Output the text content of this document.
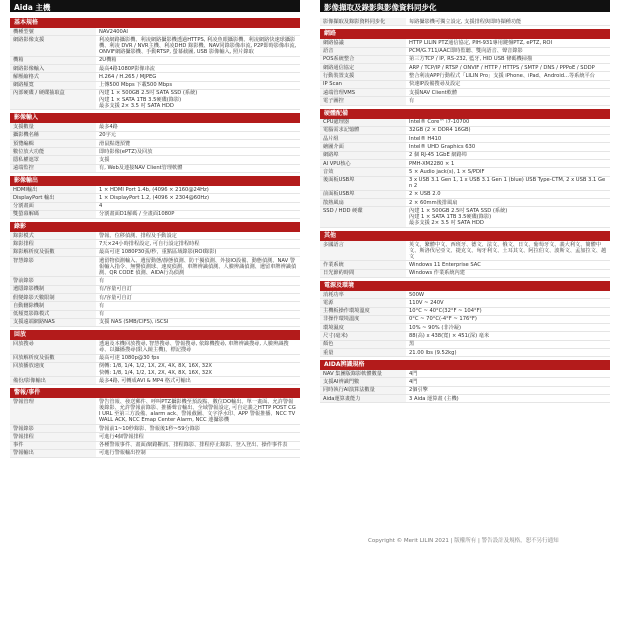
Aida 主機
基本規格
機種型號	NAV2400AI
網路影像支援	利凌網路攝影機、利凌網路攝影機透過HTTPS, 利凌魚眼攝影機、利凌網路快速球攝影機、利凌 DVR / NVR主機、利凌DHD 錄影機、NAV同錄影像串流, P2P即時影像串流,ONVIF網路攝影機、手動RTSP, 螢幕截圖, USB 影像輸入, 照片錄取
機箱	2U機箱
網路影像輸入	最高4路1080P影像串流
解壓縮格式	H.264 / H.265 / MJPEG
網路頻寬	上傳500 Mbps 下載500 Mbps
內部硬碟 / 硬碟抽取盒	內建 1 × 500GB 2.5吋 SATA SSD (系統)
內建 1 × SATA 1TB 3.5硬碟(錄影)
最多支援 2× 3.5 吋 SATA HDD
影像輸入
支援數量	最多4路
攝影機名稱	20字元
預覽編輯	滑鼠點選預覽
數位放大功能	即時影像(ePTZ)及回放
隱私權遮罩	支援
遠端監控	有, Web及連接NAV Client管理軟體
影像輸出
HDMI輸出	1 × HDMI Port 1.4b, (4096 × 2160@24Hz)
DisplayPort 輸出	1 × DisplayPort 1.2, (4096 × 2304@60Hz)
分割畫面	4
雙螢幕解碼	分割畫面D1解碼 / 全畫面1080P
錄影
錄影模式	警報、位移偵測、排程及手動設定
錄影排程	7天×24小時排程設定, 可自行設定排程時程
錄影解析度及張數	最高可達 1080P30張/秒，重點區域錄影(ROI錄影)
智慧錄影	遺留物偵測輸入、遺留動態/靜態偵測、防干擾偵測、外接IO設備、動態偵測、NAV 警報輸入指令、無響偵測球、速度偵測、車牌辨識偵測、人臉辨識偵測、遺留車牌辨識偵測、QR CODE 偵測、AIDA行為偵測
警前錄影	有
遺隱錄影機制	有/容量可自訂
假變錄影天數限制	有/容量可自訂
自動刪除機制	有
低頻寬影錄模式	有
支援遠端網路NAS	支援 NAS (SMB/CIFS), iSCSI
回放
回放搜尋	透過及本機回放搜尋, 智慧搜尋、警報搜尋, 依錄機搜尋, 車牌辨識搜尋, 人臉辨識搜尋、以攝播搜尋(限入鏡主機)，標記搜尋
回放解析度及張數	最高可達 1080p@30 fps
回放播放速度	倒轉: 1/8, 1/4, 1/2, 1X, 2X, 4X, 8X, 16X, 32X
快轉: 1/8, 1/4, 1/2, 1X, 2X, 4X, 8X, 16X, 32X
備份/影像輸出	最多4路, 可轉成AVI & MP4 格式可輸出
警報/事件
警報管理	警告管報、發送郵件、呼叫PTZ攝影機至預設點、數位DO輸出、單一畫面、允許警報後錄影、允許警報前錄影、推播聲音輸出、全域警報設定, 可自定義之HTTP POST CGI URL 至第三方設備、alarm ack、警報截圖、文字浮水印、APP 警報推播、NCC TVWALL ACK, NCC Emap Center Alarm, NCC 連攝影機
警報錄影	警報前1~10秒錄影、警報後1秒~59分錄影
警報排程	可進行4個警報排程
事件	各種警報事件、畫面/網路斷訊、排程錄影、排程停止錄影、登入登出、操作事件表
警報輸出	可進行警報輸出控制
影像擷取及錄影與影像資料同步化
影像擷取及錄影資料同步化	每路攝影機可獨立設定, 支援排程與即時擷種功能
網路
網路協議	HTTP LILIN PTZ通信協定, PIH-931專用鍵盤PTZ, ePTZ, ROI
語音	PCM/G.711/AAC即時監聽、雙向語音、聲音錄影
POS系統整合	第三方TCP / IP, RS-232, 藍牙, HID USB 條碼機掃描
網路通信協定	ARP / TCP/IP / RTSP / ONVIF / HTTP / HTTPS / SMTP / DNS / PPPoE / SDDP
行動裝置支援	整合利凌APP行動程式「LILIN Pro」支援 iPhone、iPad、Android...等系統平台
IP Scan	快速IP設備搜尋及設定
遠端管理VMS	支援NAV Client軟體
電子圖控	有
硬體配備
CPU處理器	Intel® Core™ i7-10700
電腦需求記憶體	32GB (2 × DDR4 16GB)
晶片組	Intel® H410
繪圖介面	Intel® UHD Graphics 630
網路埠	2 個 RJ-45 1GbE 網路埠
AI VPU核心	PMH-XM2280 × 1
音效	5 × Audio jack(s), 1 × S/PDIF
後面板USB埠	3 x USB 3.1 Gen 1, 1 x USB 3.1 Gen 1 (blue) USB Type-CTM, 2 x USB 3.1 Gen 2
前面板USB埠	2 × USB 2.0
散熱風扇	2 × 60mm後排風扇
SSD / HDD 硬碟	內建 1 × 500GB 2.5吋 SATA SSD (系統)
內建 1 × SATA 1TB 3.5硬碟(錄影)
最多支援 2× 3.5 吋 SATA HDD
其他
多國語言	英文、繁體中文、西班牙、德文、法文、俄文、日文、葡萄牙文、義大利文、簡體中文、斯洛伐尼亞文、捷克文、匈牙利文、土耳其文、阿拉伯文、波斯文、孟加拉文、越文
作業系統	Windows 11 Enterprise SAC
日光節約時間	Windows 作業系統內建
電源及環境
消耗功率	500W
電源	110V ~ 240V
主機板操作環境溫度	10°C ~ 40°C(32°F ~ 104°F)
非操作環境溫度	0°C ~ 70°C(-4°F ~ 176°F)
環境濕度	10% ~ 90% (非冷凝)
尺寸(毫米)	88(高) x 438(寬) × 451(深) 毫米
顏色	黑
重量	21.00 lbs (9.52kg)
AIDA辨識規格
NAV 集團版錄影軟體數量	4門
支援AI辨識門數	4門
同時執行AI演算法數量	2個引擎
Aida運算畫能力	3 Aida 運算畫 (主機)
Copyright © Merit LILIN 2021 | 版權所有 | 警告設計及規格，恕不另行通知
